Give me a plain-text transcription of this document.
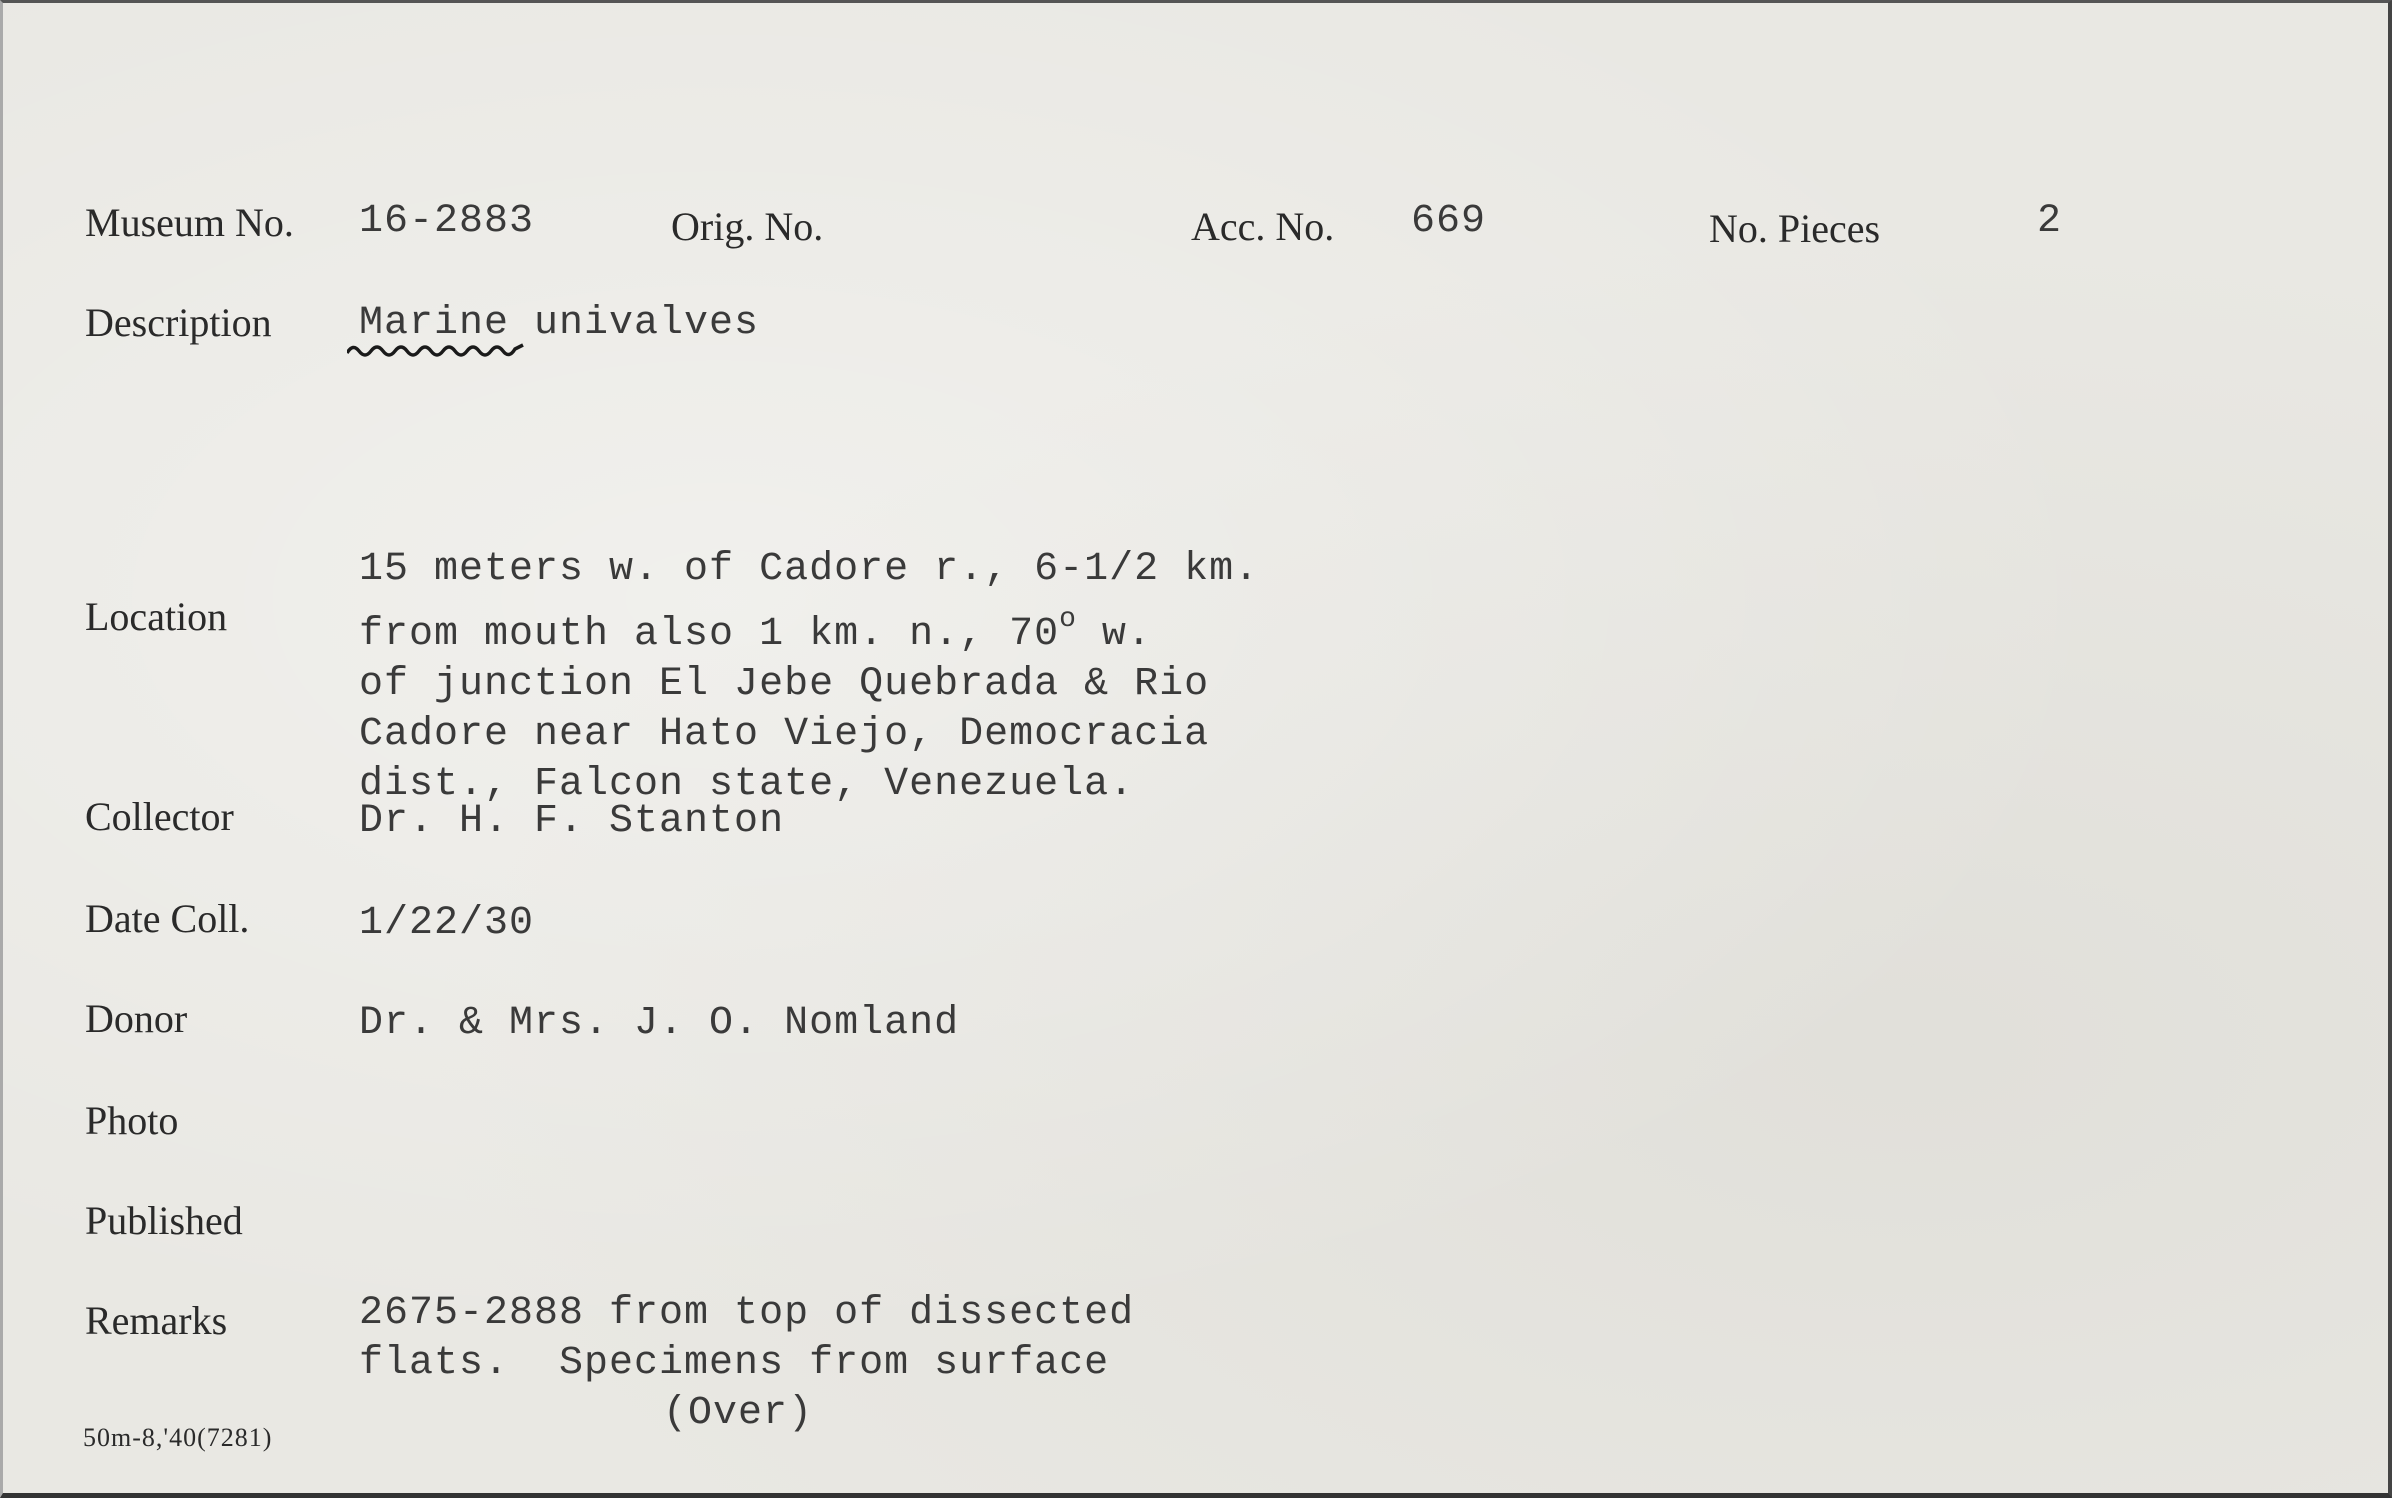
Museum No. 16-2883	Orig. No.	Acc. No. 669	No. Pieces	2
Description Marine univalves
Location
15 meters w. of Cadore r., 6-1/2 km.
from mouth also 1 km. n., 70$^o$ w.
of junction El Jebe Quebrada & Rio
Cadore near Hato Viejo, Democracia
dist., Falcon state, Venezuela.
Collector	Dr. H. F. Stanton
Date Coll.	1/22/30
Donor	Dr. & Mrs. J. O. Nomland
Photo
Published
Remarks	2675-2888 from top of dissected
flats.  Specimens from surface
(Over)
50m-8,'40(7281)
